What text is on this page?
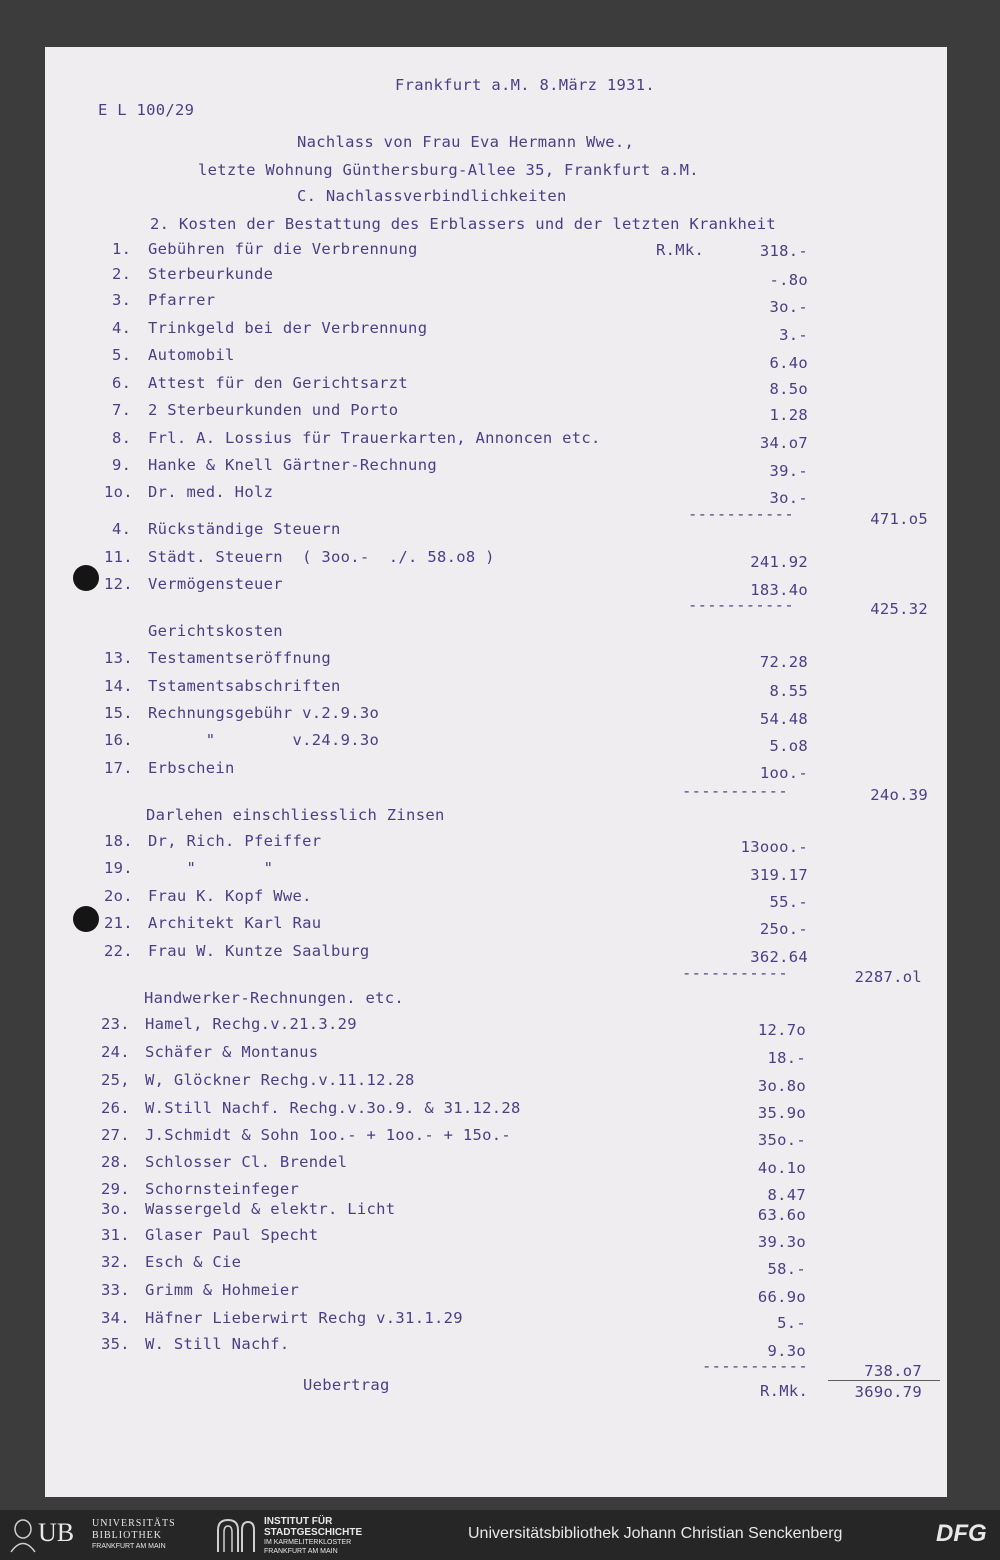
Frankfurt a.M. 8.März 1931.
E L 100/29
Nachlass von Frau Eva Hermann Wwe.,
letzte Wohnung Günthersburg-Allee 35, Frankfurt a.M.
C. Nachlassverbindlichkeiten
2. Kosten der Bestattung des Erblassers und der letzten Krankheit
R.Mk.
1. Gebühren für die Verbrennung	318.-
2. Sterbeurkunde	-.8o
3. Pfarrer	3o.-
4. Trinkgeld bei der Verbrennung	3.-
5. Automobil	6.4o
6. Attest für den Gerichtsarzt	8.5o
7. 2 Sterbeurkunden und Porto	1.28
8. Frl. A. Lossius für Trauerkarten, Annoncen etc.	34.o7
9. Hanke & Knell Gärtner-Rechnung	39.-
1o. Dr. med. Holz	3o.-
-----------	471.o5
4. Rückständige Steuern
11. Städt. Steuern  ( 3oo.-  ./. 58.o8 )	241.92
12. Vermögensteuer	183.4o
-----------	425.32
Gerichtskosten
13. Testamentseröffnung	72.28
14. Tstamentsabschriften	8.55
15. Rechnungsgebühr v.2.9.3o	54.48
16. "        v.24.9.3o	5.o8
17. Erbschein	1oo.-
-----------	24o.39
Darlehen einschliesslich Zinsen
18. Dr, Rich. Pfeiffer	13ooo.-
19. "       "	319.17
2o. Frau K. Kopf Wwe.	55.-
21. Architekt Karl Rau	25o.-
22. Frau W. Kuntze Saalburg	362.64
-----------	2287.ol
Handwerker-Rechnungen. etc.
23. Hamel, Rechg.v.21.3.29	12.7o
24. Schäfer & Montanus	18.-
25, W, Glöckner Rechg.v.11.12.28	3o.8o
26. W.Still Nachf. Rechg.v.3o.9. & 31.12.28	35.9o
27. J.Schmidt & Sohn 1oo.- + 1oo.- + 15o.-	35o.-
28. Schlosser Cl. Brendel	4o.1o
29. Schornsteinfeger	8.47
3o. Wassergeld & elektr. Licht	63.6o
31. Glaser Paul Specht	39.3o
32. Esch & Cie	58.-
33. Grimm & Hohmeier	66.9o
34. Häfner Lieberwirt Rechg v.31.1.29	5.-
35. W. Still Nachf.	9.3o
-----------	738.o7
Uebertrag	R.Mk.	369o.79
UB UNIVERSITÄTS
BIBLIOTHEK
FRANKFURT AM MAIN
INSTITUT FÜR
STADTGESCHICHTE
IM KARMELITERKLOSTER
FRANKFURT AM MAIN
Universitätsbibliothek Johann Christian Senckenberg	DFG
